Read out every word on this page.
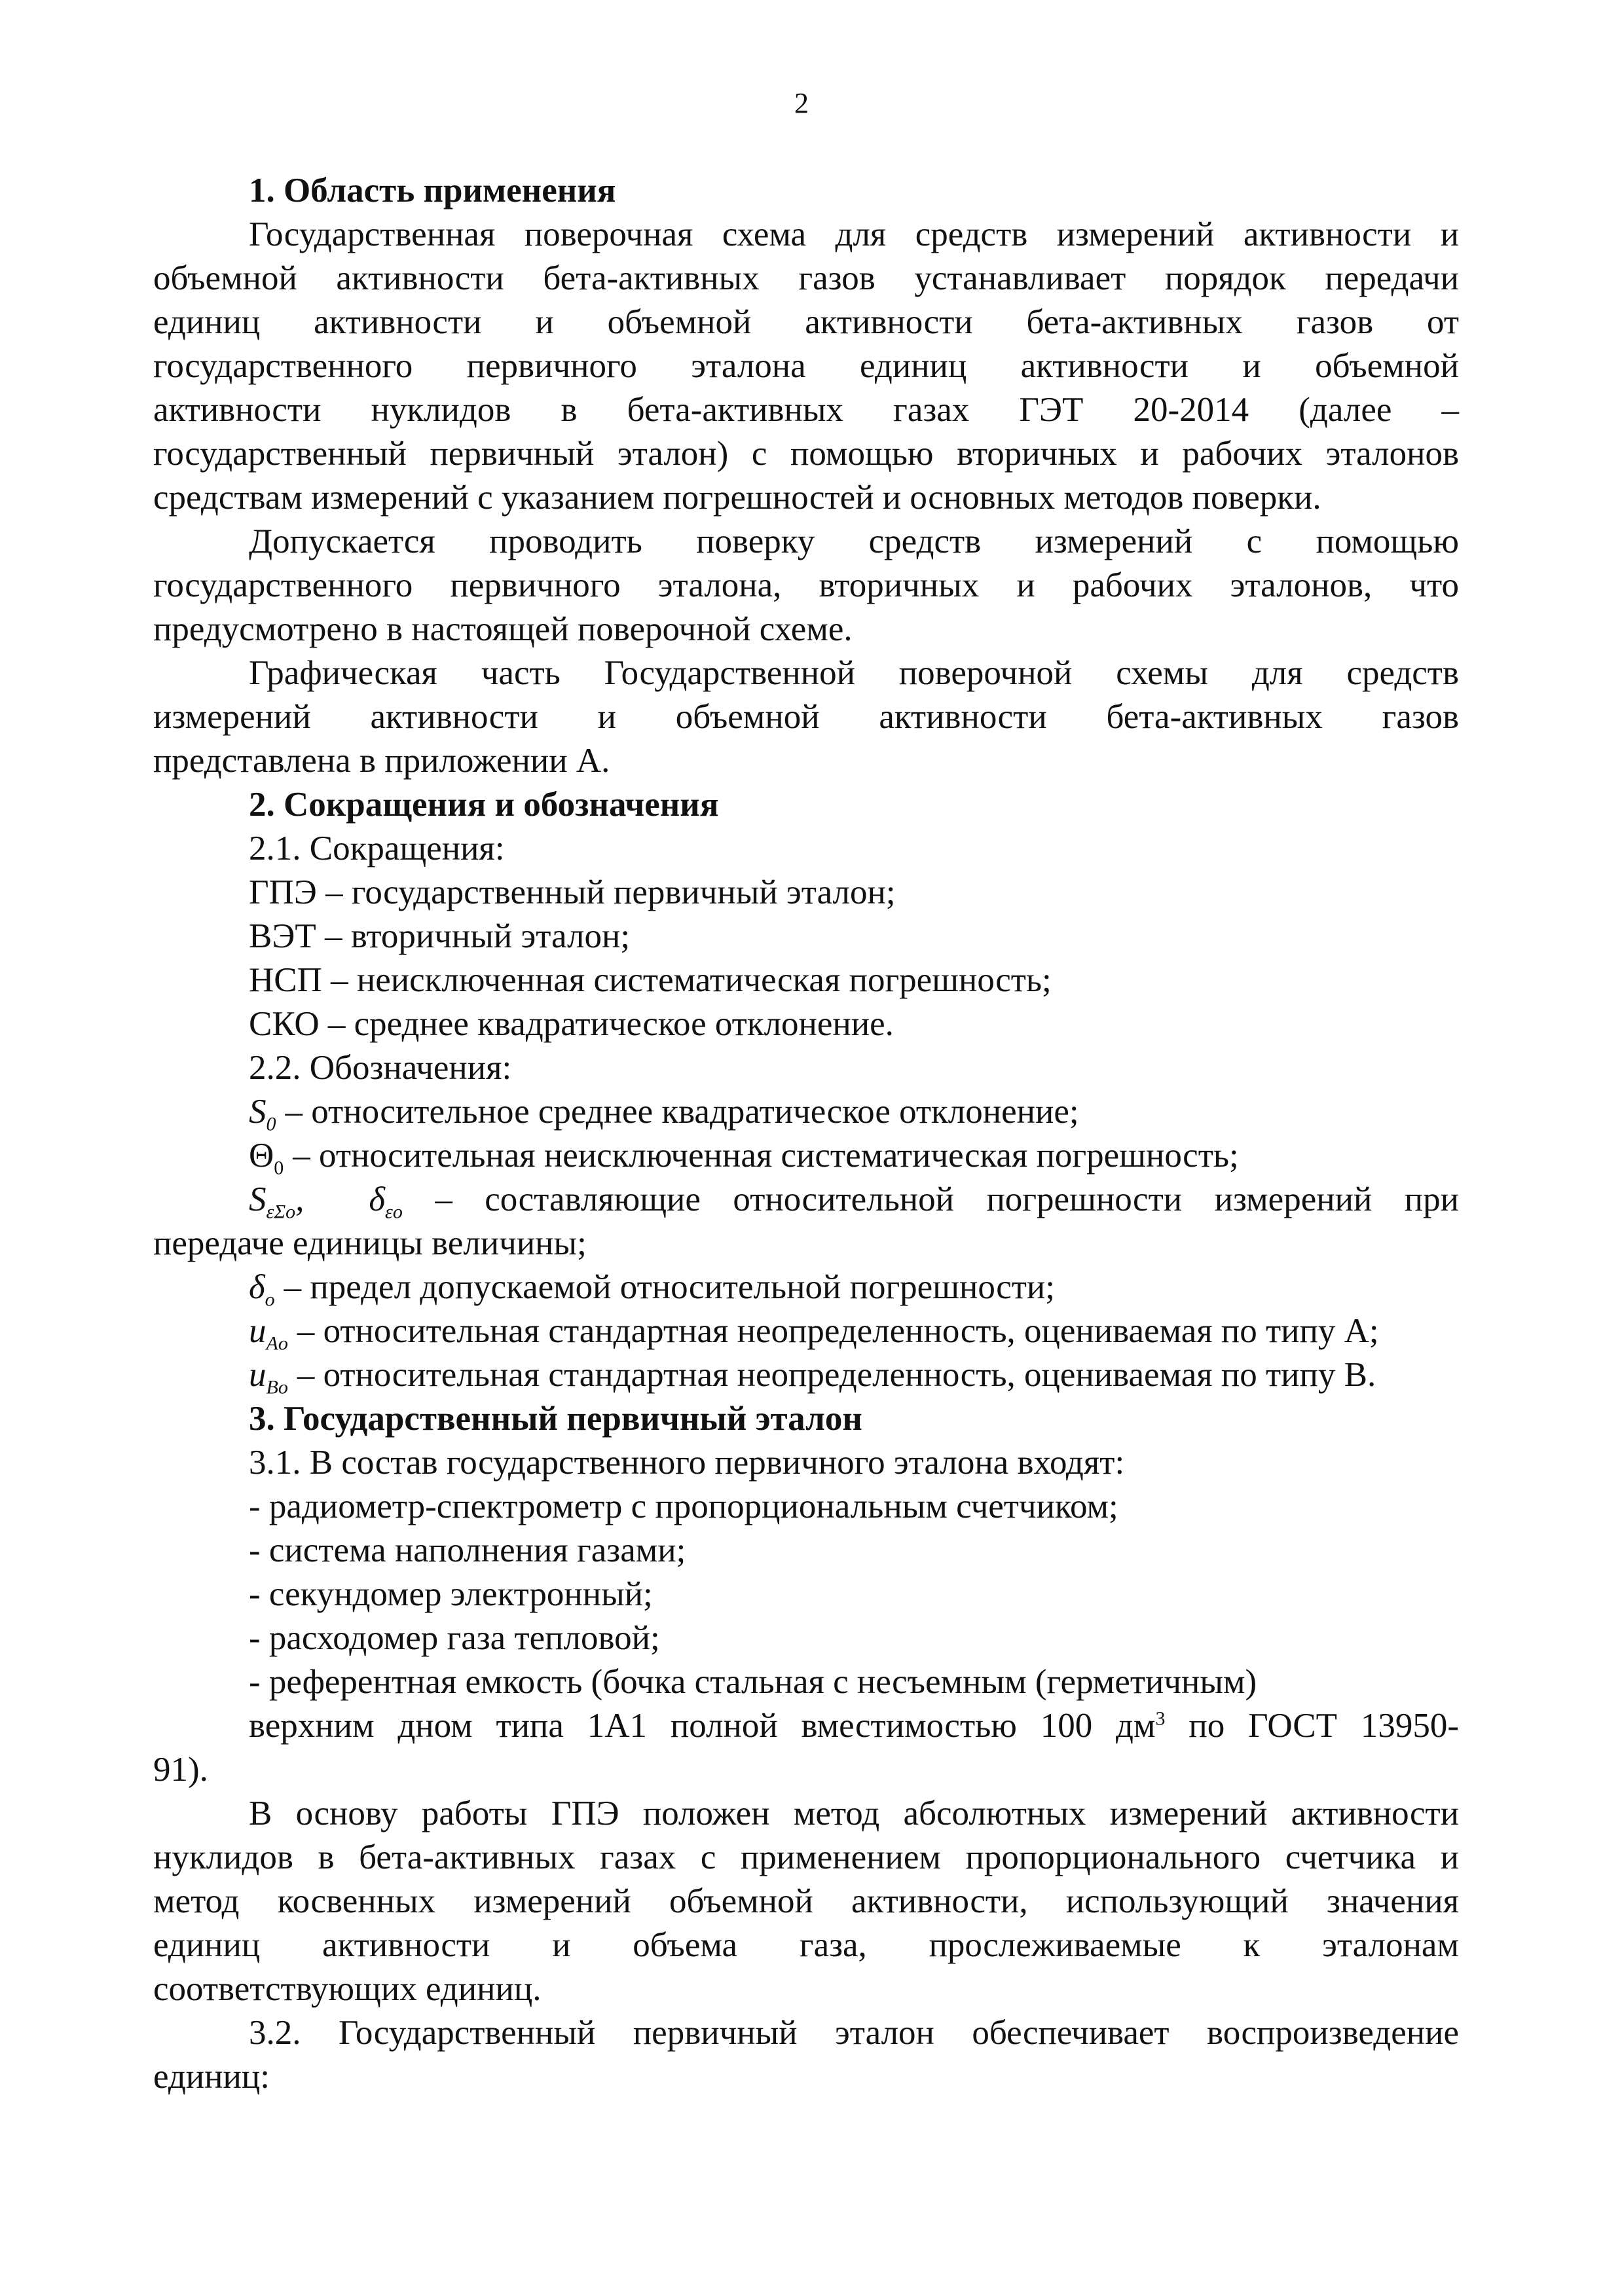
2

1. Область применения

Государственная поверочная схема для средств измерений активности и

объемной активности бета-активных газов устанавливает порядок передачи

единиц активности и объемной активности бета-активных газов от

государственного первичного эталона единиц активности и объемной

активности нуклидов в бета-активных газах ГЭТ 20-2014 (далее –

государственный первичный эталон) с помощью вторичных и рабочих эталонов

средствам измерений с указанием погрешностей и основных методов поверки.

Допускается проводить поверку средств измерений с помощью

государственного первичного эталона, вторичных и рабочих эталонов, что

предусмотрено в настоящей поверочной схеме.

Графическая часть Государственной поверочной схемы для средств

измерений активности и объемной активности бета-активных газов

представлена в приложении А.

2. Сокращения и обозначения

2.1. Сокращения:

ГПЭ – государственный первичный эталон;

ВЭТ – вторичный эталон;

НСП – неисключенная систематическая погрешность;

СКО – среднее квадратическое отклонение.

2.2. Обозначения:

$S_0$ – относительное среднее квадратическое отклонение;

$\Theta_0$ – относительная неисключенная систематическая погрешность;

$S_{\varepsilon\Sigma o}$, $\delta_{\varepsilon o}$ – составляющие относительной погрешности измерений при

передаче единицы величины;

$\delta_o$ – предел допускаемой относительной погрешности;

$u_{Ao}$ – относительная стандартная неопределенность, оцениваемая по типу А;

$u_{Bo}$ – относительная стандартная неопределенность, оцениваемая по типу В.

3. Государственный первичный эталон

3.1. В состав государственного первичного эталона входят:

- радиометр-спектрометр с пропорциональным счетчиком;

- система наполнения газами;

- секундомер электронный;

- расходомер газа тепловой;

- референтная емкость (бочка стальная с несъемным (герметичным)

верхним дном типа 1А1 полной вместимостью 100 $дм^3$ по ГОСТ 13950-

91).

В основу работы ГПЭ положен метод абсолютных измерений активности

нуклидов в бета-активных газах с применением пропорционального счетчика и

метод косвенных измерений объемной активности, использующий значения

единиц активности и объема газа, прослеживаемые к эталонам

соответствующих единиц.

3.2. Государственный первичный эталон обеспечивает воспроизведение

единиц:
